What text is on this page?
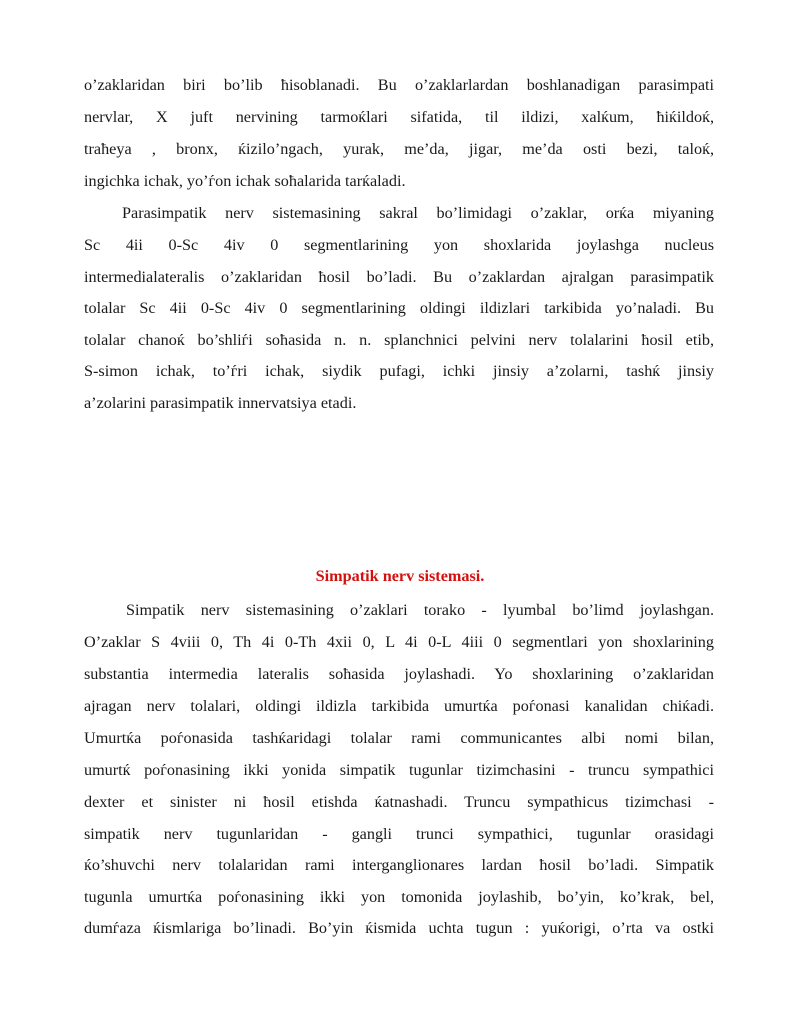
o’zaklaridan biri bo’lib ħisoblanadi. Bu o’zaklarlardan boshlanadigan parasimpati
nervlar, X juft nervining tarmoќlari sifatida, til ildizi, xalќum, ħiќildoќ,
traħeya , bronx, ќizilo’ngach, yurak, me’da, jigar, me’da osti bezi, taloќ,
ingichka ichak, yo’ѓon ichak soħalarida tarќaladi.
Parasimpatik nerv sistemasining sakral bo’limidagi o’zaklar, orќa miyaning
Sc 4ii 0-Sc 4iv 0 segmentlarining yon shoxlarida joylashga nucleus
intermedialateralis o’zaklaridan ħosil bo’ladi. Bu o’zaklardan ajralgan parasimpatik
tolalar Sc 4ii 0-Sc 4iv 0 segmentlarining oldingi ildizlari tarkibida yo’naladi. Bu
tolalar chanoќ bo’shliѓi soħasida n. n. splanchnici pelvini nerv tolalarini ħosil etib,
S-simon ichak, to’ѓri ichak, siydik pufagi, ichki jinsiy a’zolarni, tashќ jinsiy
a’zolarini parasimpatik innervatsiya etadi.
Simpatik nerv sistemasi.
Simpatik nerv sistemasining o’zaklari torako - lyumbal bo’limd joylashgan.
O’zaklar S 4viii 0, Th 4i 0-Th 4xii 0, L 4i 0-L 4iii 0 segmentlari yon shoxlarining
substantia intermedia lateralis soħasida joylashadi. Yo shoxlarining o’zaklaridan
ajragan nerv tolalari, oldingi ildizla tarkibida umurtќa poѓonasi kanalidan chiќadi.
Umurtќa poѓonasida tashќaridagi tolalar rami communicantes albi nomi bilan,
umurtќ poѓonasining ikki yonida simpatik tugunlar tizimchasini - truncu sympathici
dexter et sinister ni ħosil etishda ќatnashadi. Truncu sympathicus tizimchasi -
simpatik nerv tugunlaridan - gangli trunci sympathici, tugunlar orasidagi
ќo’shuvchi nerv tolalaridan rami interganglionares lardan ħosil bo’ladi. Simpatik
tugunla umurtќa poѓonasining ikki yon tomonida joylashib, bo’yin, ko’krak, bel,
dumѓaza ќismlariga bo’linadi. Bo’yin ќismida uchta tugun : yuќorigi, o’rta va ostki
